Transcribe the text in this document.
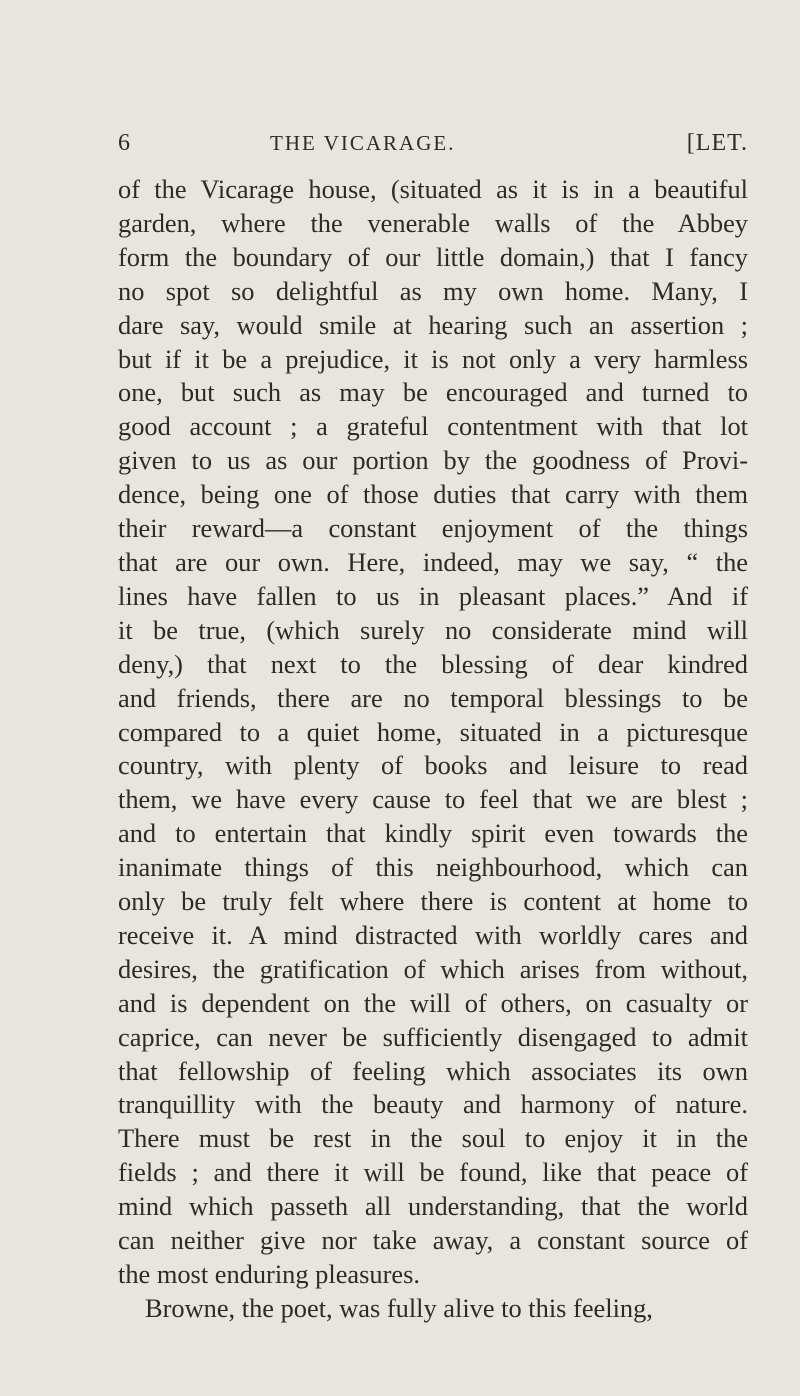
6	THE VICARAGE.	[LET.
of the Vicarage house, (situated as it is in a beautiful
garden, where the venerable walls of the Abbey
form the boundary of our little domain,) that I fancy
no spot so delightful as my own home. Many, I
dare say, would smile at hearing such an assertion ;
but if it be a prejudice, it is not only a very harmless
one, but such as may be encouraged and turned to
good account ; a grateful contentment with that lot
given to us as our portion by the goodness of Provi-
dence, being one of those duties that carry with them
their reward—a constant enjoyment of the things
that are our own. Here, indeed, may we say, “ the
lines have fallen to us in pleasant places.” And if
it be true, (which surely no considerate mind will
deny,) that next to the blessing of dear kindred
and friends, there are no temporal blessings to be
compared to a quiet home, situated in a picturesque
country, with plenty of books and leisure to read
them, we have every cause to feel that we are blest ;
and to entertain that kindly spirit even towards the
inanimate things of this neighbourhood, which can
only be truly felt where there is content at home to
receive it. A mind distracted with worldly cares and
desires, the gratification of which arises from without,
and is dependent on the will of others, on casualty or
caprice, can never be sufficiently disengaged to admit
that fellowship of feeling which associates its own
tranquillity with the beauty and harmony of nature.
There must be rest in the soul to enjoy it in the
fields ; and there it will be found, like that peace of
mind which passeth all understanding, that the world
can neither give nor take away, a constant source of
the most enduring pleasures.
Browne, the poet, was fully alive to this feeling,
